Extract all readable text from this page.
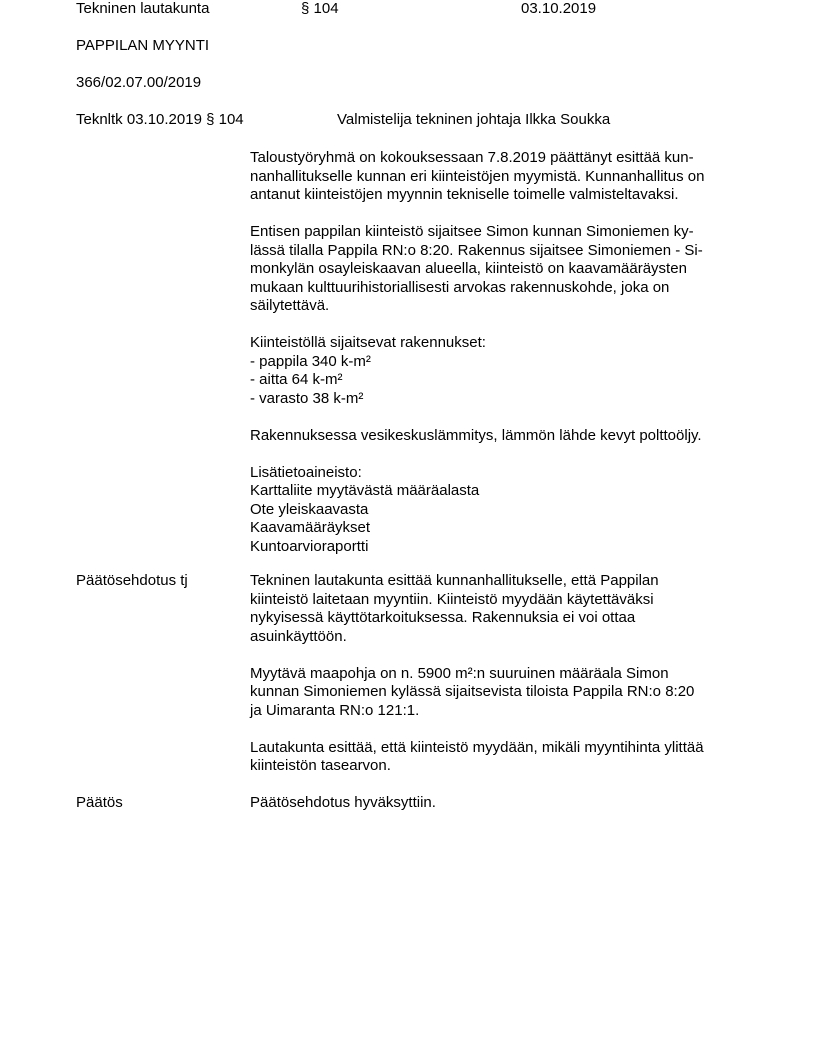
Tekninen lautakunta	§ 104	03.10.2019
PAPPILAN MYYNTI
366/02.07.00/2019
Teknltk 03.10.2019 § 104	Valmistelija tekninen johtaja Ilkka Soukka

Taloustyöryhmä on kokouksessaan 7.8.2019 päättänyt esittää kun-

nanhallitukselle kunnan eri kiinteistöjen myymistä. Kunnanhallitus on

antanut kiinteistöjen myynnin tekniselle toimelle valmisteltavaksi.

Entisen pappilan kiinteistö sijaitsee Simon kunnan Simoniemen ky-

lässä tilalla Pappila RN:o 8:20. Rakennus sijaitsee Simoniemen - Si-

monkylän osayleiskaavan alueella, kiinteistö on kaavamääräysten

mukaan kulttuurihistoriallisesti arvokas rakennuskohde, joka on

säilytettävä.

Kiinteistöllä sijaitsevat rakennukset:

- pappila 340 k-m²

- aitta 64 k-m²

- varasto 38 k-m²

Rakennuksessa vesikeskuslämmitys, lämmön lähde kevyt polttoöljy.

Lisätietoaineisto:

Karttaliite myytävästä määräalasta

Ote yleiskaavasta

Kaavamääräykset

Kuntoarvioraportti

Päätösehdotus tj	Tekninen lautakunta esittää kunnanhallitukselle, että Pappilan

kiinteistö laitetaan myyntiin. Kiinteistö myydään käytettäväksi

nykyisessä käyttötarkoituksessa. Rakennuksia ei voi ottaa

asuinkäyttöön.

Myytävä maapohja on n. 5900 m²:n suuruinen määräala Simon

kunnan Simoniemen kylässä sijaitsevista tiloista Pappila RN:o 8:20

ja Uimaranta RN:o 121:1.

Lautakunta esittää, että kiinteistö myydään, mikäli myyntihinta ylittää

kiinteistön tasearvon.

Päätös	Päätösehdotus hyväksyttiin.
